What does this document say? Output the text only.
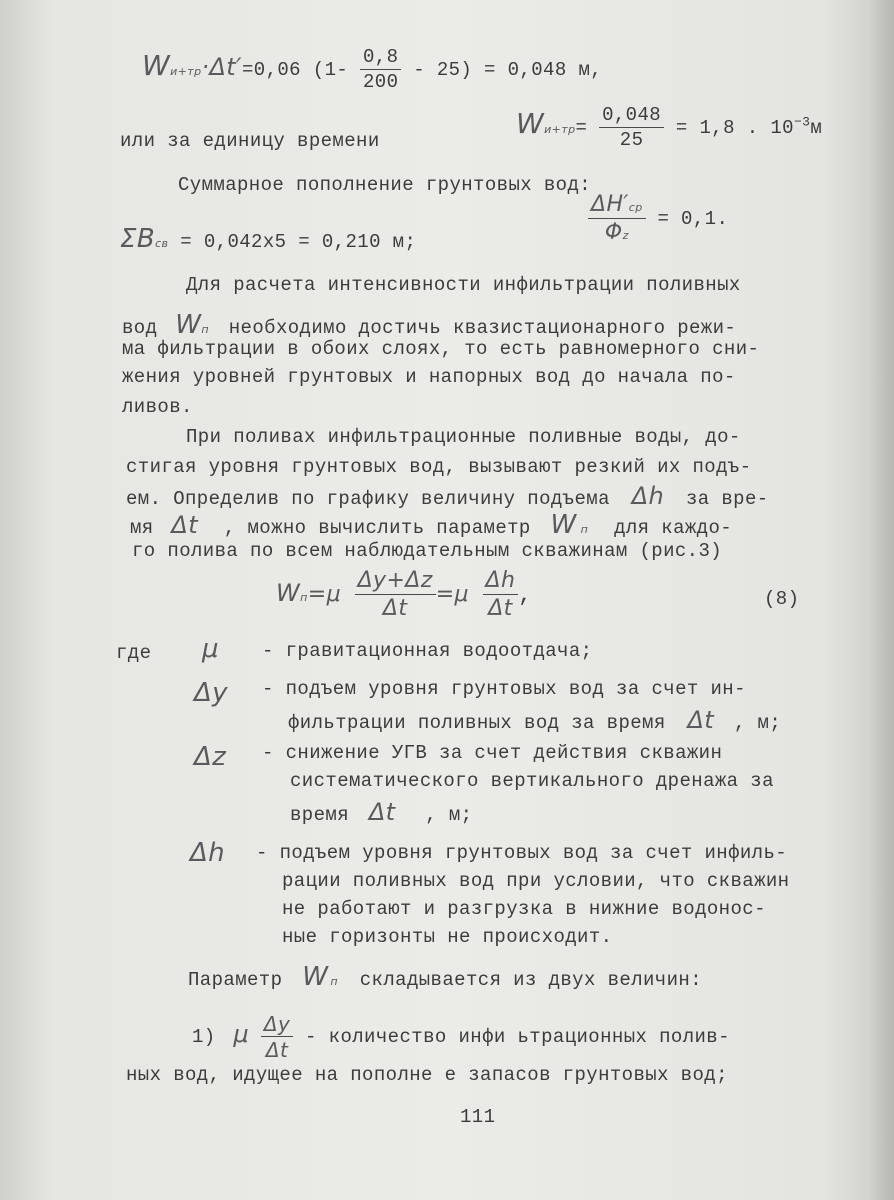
Wи+тр·Δt′=0,06 $(1- \frac{0,8}{200} - 25) = 0,048$ м,
или за единицу времени
$Wи+тр= \frac{0,048}{25} = 1,8$ . $10^{-3}м$
Суммарное пополнение грунтовых вод:
ΣBсв = 0,042x5 = 0,210 м;	$\frac{\Delta H'ср}{\Phi z} = 0,1$.
Для расчета интенсивности инфильтрации поливных
вод Wп необходимо достичь квазистационарного режи-
ма фильтрации в обоих слоях, то есть равномерного сни-
жения уровней грунтовых и напорных вод до начала по-
ливов.
При поливах инфильтрационные поливные воды, до-
стигая уровня грунтовых вод, вызывают резкий их подъ-
ем. Определив по графику величину подъема Δh за вре-
мя Δt , можно вычислить параметр W п для каждо-
го полива по всем наблюдательным скважинам (рис.3)
$Wп=\mu \frac{\Delta y+\Delta z}{\Delta t} =\mu \frac{\Delta h}{\Delta t}$ ,	(8)
где μ - гравитационная водоотдача;
Δy - подъем уровня грунтовых вод за счет ин-
фильтрации поливных вод за время Δt , м;
Δz - снижение УГВ за счет действия скважин
систематического вертикального дренажа за
время Δt , м;
Δh - подъем уровня грунтовых вод за счет инфиль-
рации поливных вод при условии, что скважин
не работают и разгрузка в нижние водонос-
ные горизонты не происходит.
Параметр W п складывается из двух величин:
1) μ $\frac{\Delta y}{\Delta t}$ - количество инфи ьтрационных полив-
ных вод, идущее на пополне е запасов грунтовых вод;
111
